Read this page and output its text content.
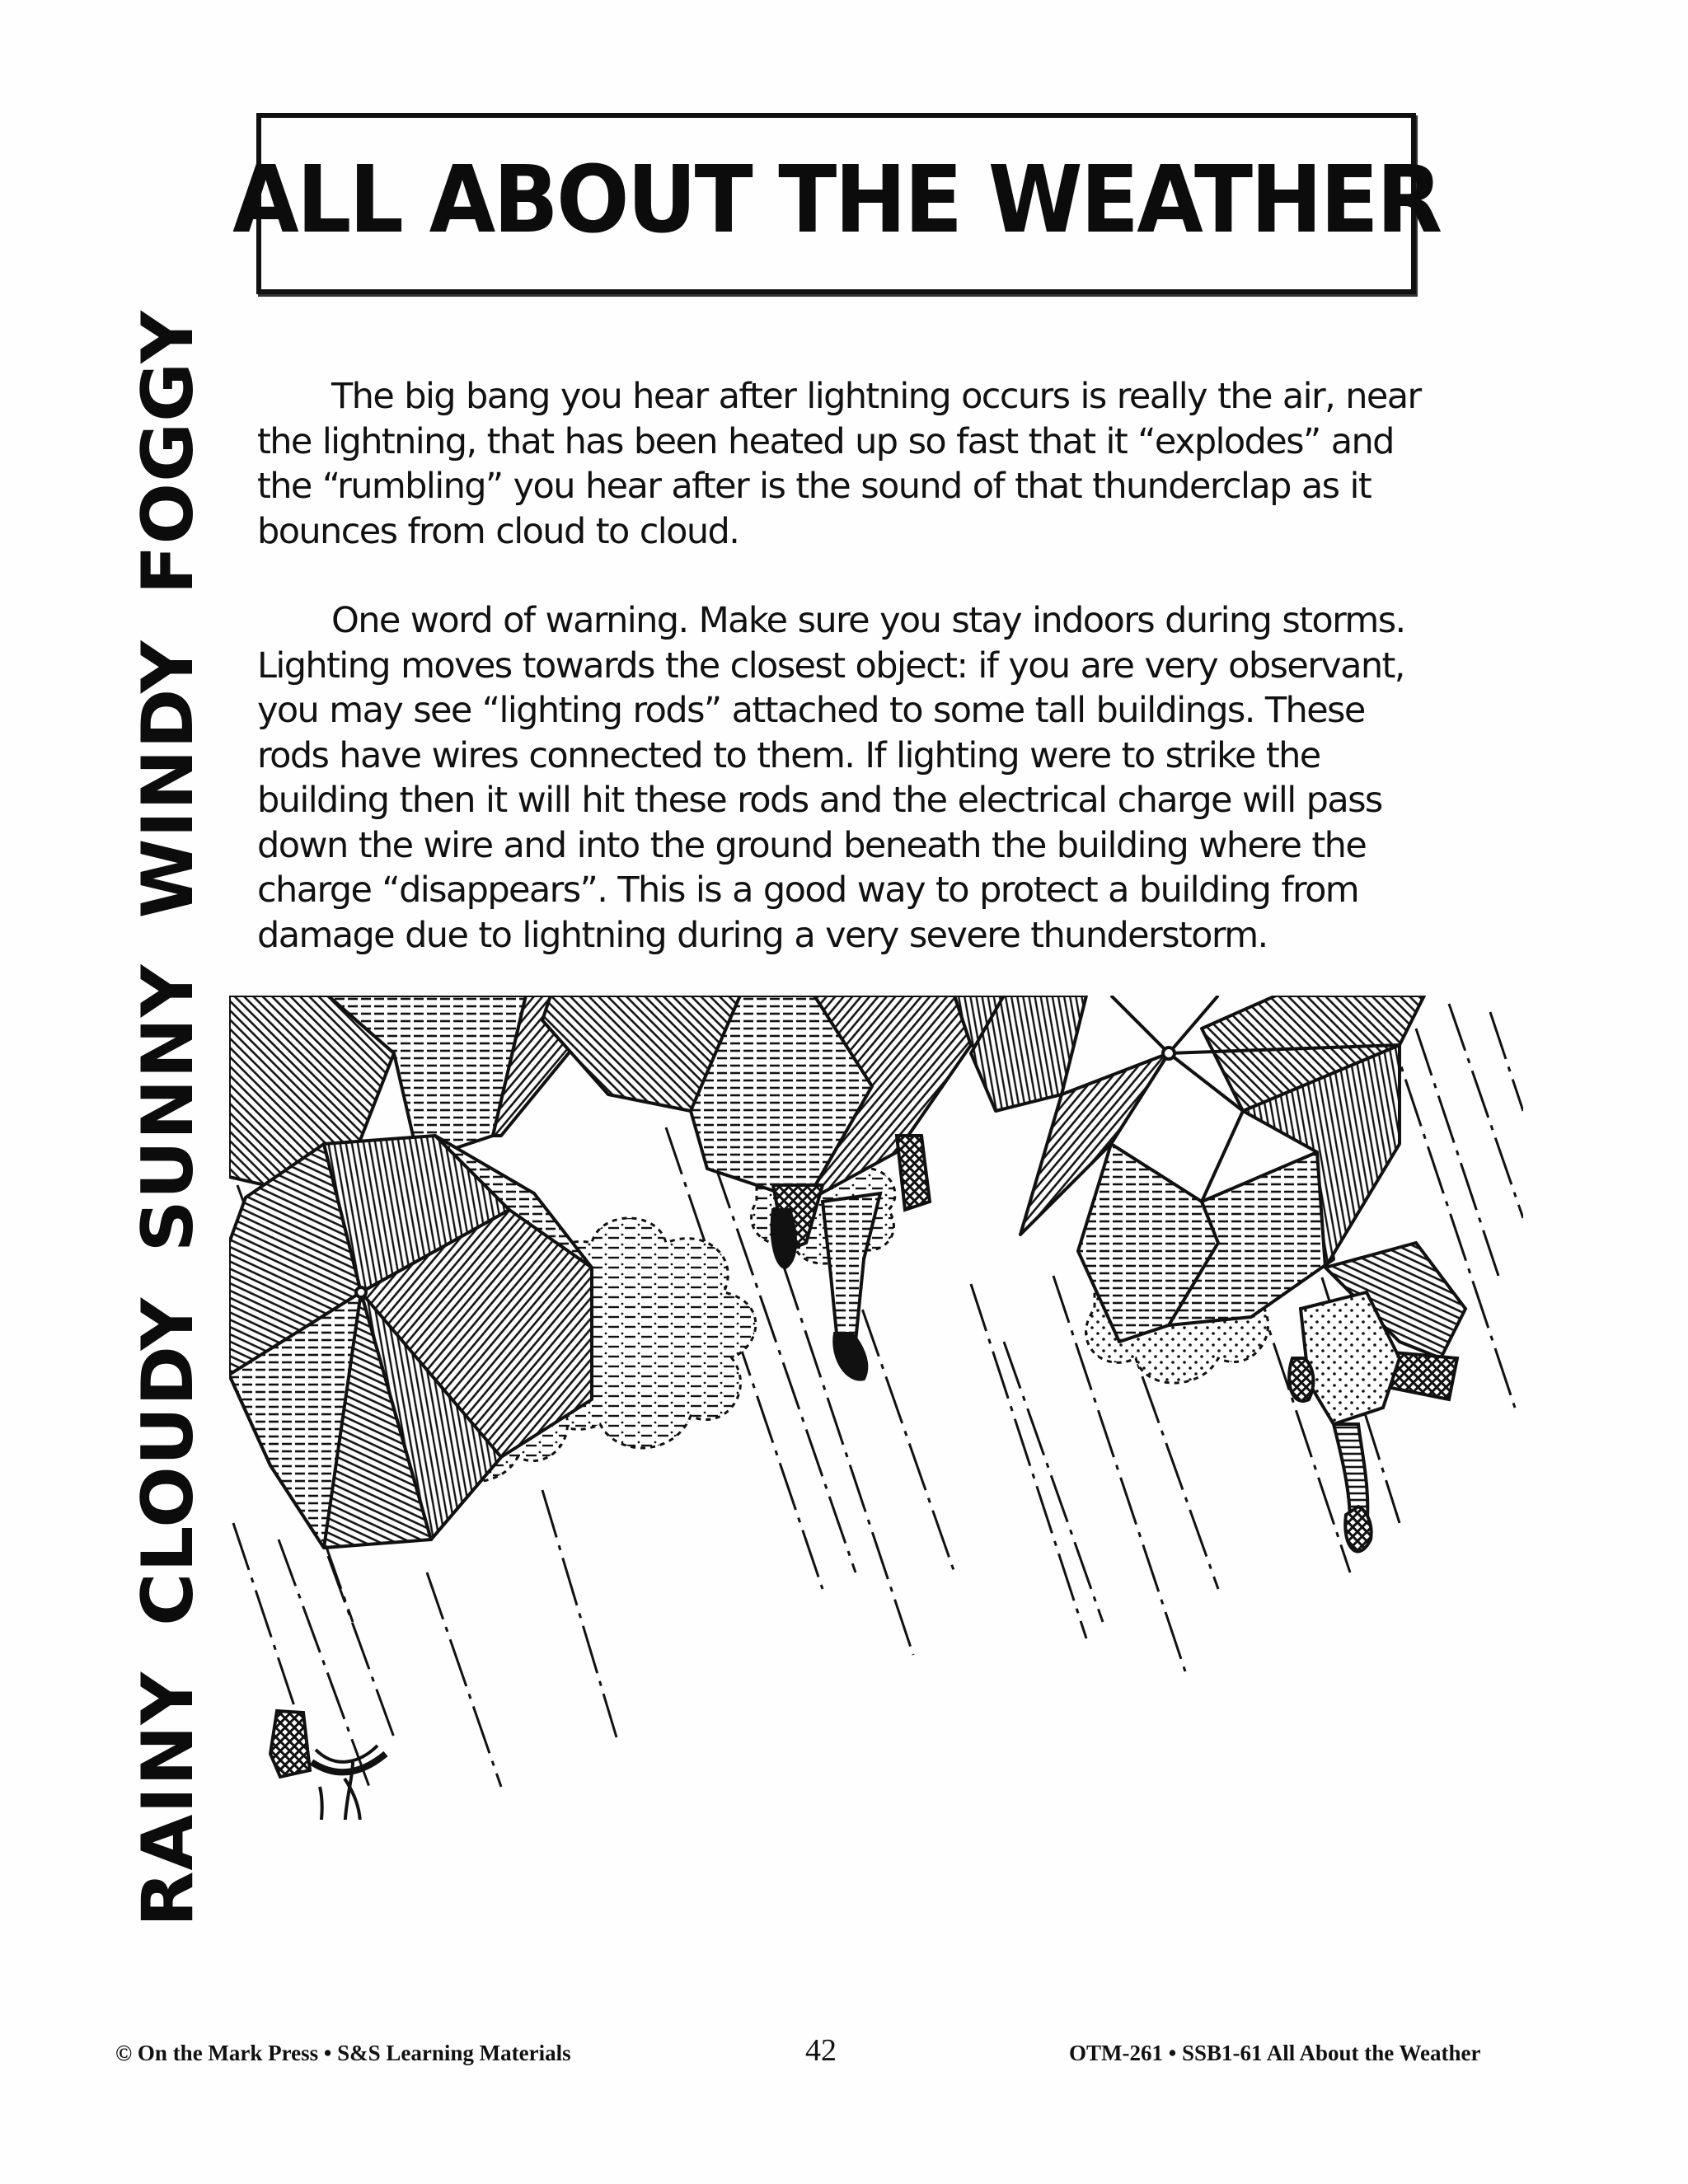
ALL ABOUT THE WEATHER
RAINY
CLOUDY
SUNNY
WINDY
FOGGY	The big bang you hear after lightning occurs is really the air, near
the lightning, that has been heated up so fast that it “explodes” and
the “rumbling” you hear after is the sound of that thunderclap as it
bounces from cloud to cloud.

One word of warning. Make sure you stay indoors during storms.
Lighting moves towards the closest object: if you are very observant,
you may see “lighting rods” attached to some tall buildings. These
rods have wires connected to them. If lighting were to strike the
building then it will hit these rods and the electrical charge will pass
down the wire and into the ground beneath the building where the
charge “disappears”. This is a good way to protect a building from
damage due to lightning during a very severe thunderstorm.

© On the Mark Press • S&S Learning Materials	42	OTM-261 • SSB1-61 All About the Weather
